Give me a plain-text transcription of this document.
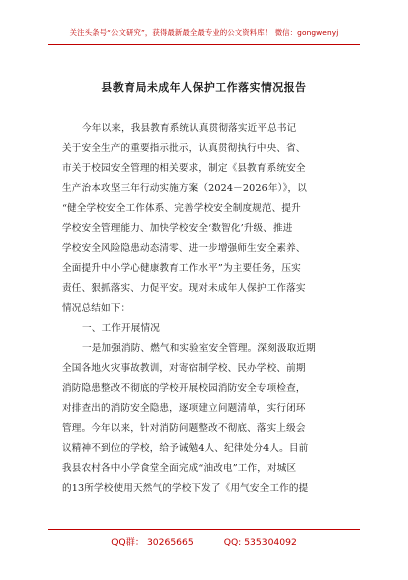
关注头条号“公文研究”，获得最新最全最专业的公文资料库！ 微信：gongwenyj
县教育局未成年人保护工作落实情况报告
今年以来，我县教育系统认真贯彻落实近平总书记
关于安全生产的重要指示批示，认真贯彻执行中央、省、
市关于校园安全管理的相关要求，制定《县教育系统安全
生产治本攻坚三年行动实施方案（2024－2026年）》，以
“健全学校安全工作体系、完善学校安全制度规范、提升
学校安全管理能力、加快学校安全‘数智化’升级、推进
学校安全风险隐患动态清零、进一步增强师生安全素养、
全面提升中小学心健康教育工作水平”为主要任务，压实
责任、狠抓落实、力促平安。现对未成年人保护工作落实
情况总结如下：
一、工作开展情况
一是加强消防、燃气和实验室安全管理。深刻汲取近期
全国各地火灾事故教训，对寄宿制学校、民办学校、前期
消防隐患整改不彻底的学校开展校园消防安全专项检查，
对排查出的消防安全隐患，逐项建立问题清单，实行闭环
管理。今年以来，针对消防问题整改不彻底、落实上级会
议精神不到位的学校，给予诫勉4人、纪律处分4人。目前
我县农村各中小学食堂全面完成“油改电”工作，对城区
的13所学校使用天然气的学校下发了《用气安全工作的提
QQ群： 30265665	QQ: 535304092
